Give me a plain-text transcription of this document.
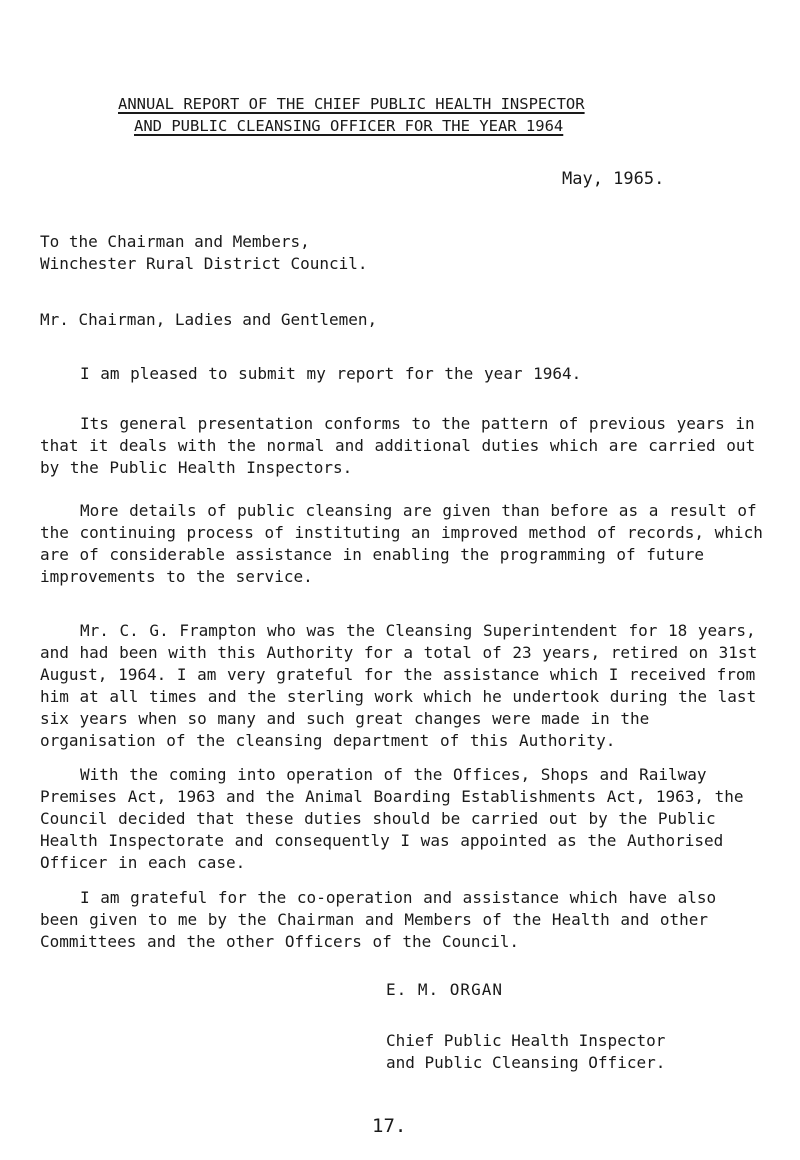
ANNUAL REPORT OF THE CHIEF PUBLIC HEALTH INSPECTOR
AND PUBLIC CLEANSING OFFICER FOR THE YEAR 1964
May, 1965.
To the Chairman and Members,
Winchester Rural District Council.
Mr. Chairman, Ladies and Gentlemen,
I am pleased to submit my report for the year 1964.
Its general presentation conforms to the pattern of previous years in that it deals with the normal and additional duties which are carried out by the Public Health Inspectors.
More details of public cleansing are given than before as a result of the continuing process of instituting an improved method of records, which are of considerable assistance in enabling the programming of future improvements to the service.
Mr. C. G. Frampton who was the Cleansing Superintendent for 18 years, and had been with this Authority for a total of 23 years, retired on 31st August, 1964. I am very grateful for the assistance which I received from him at all times and the sterling work which he undertook during the last six years when so many and such great changes were made in the organisation of the cleansing department of this Authority.
With the coming into operation of the Offices, Shops and Railway Premises Act, 1963 and the Animal Boarding Establishments Act, 1963, the Council decided that these duties should be carried out by the Public Health Inspectorate and consequently I was appointed as the Authorised Officer in each case.
I am grateful for the co-operation and assistance which have also been given to me by the Chairman and Members of the Health and other Committees and the other Officers of the Council.
E. M. ORGAN
Chief Public Health Inspector
and Public Cleansing Officer.
17.
